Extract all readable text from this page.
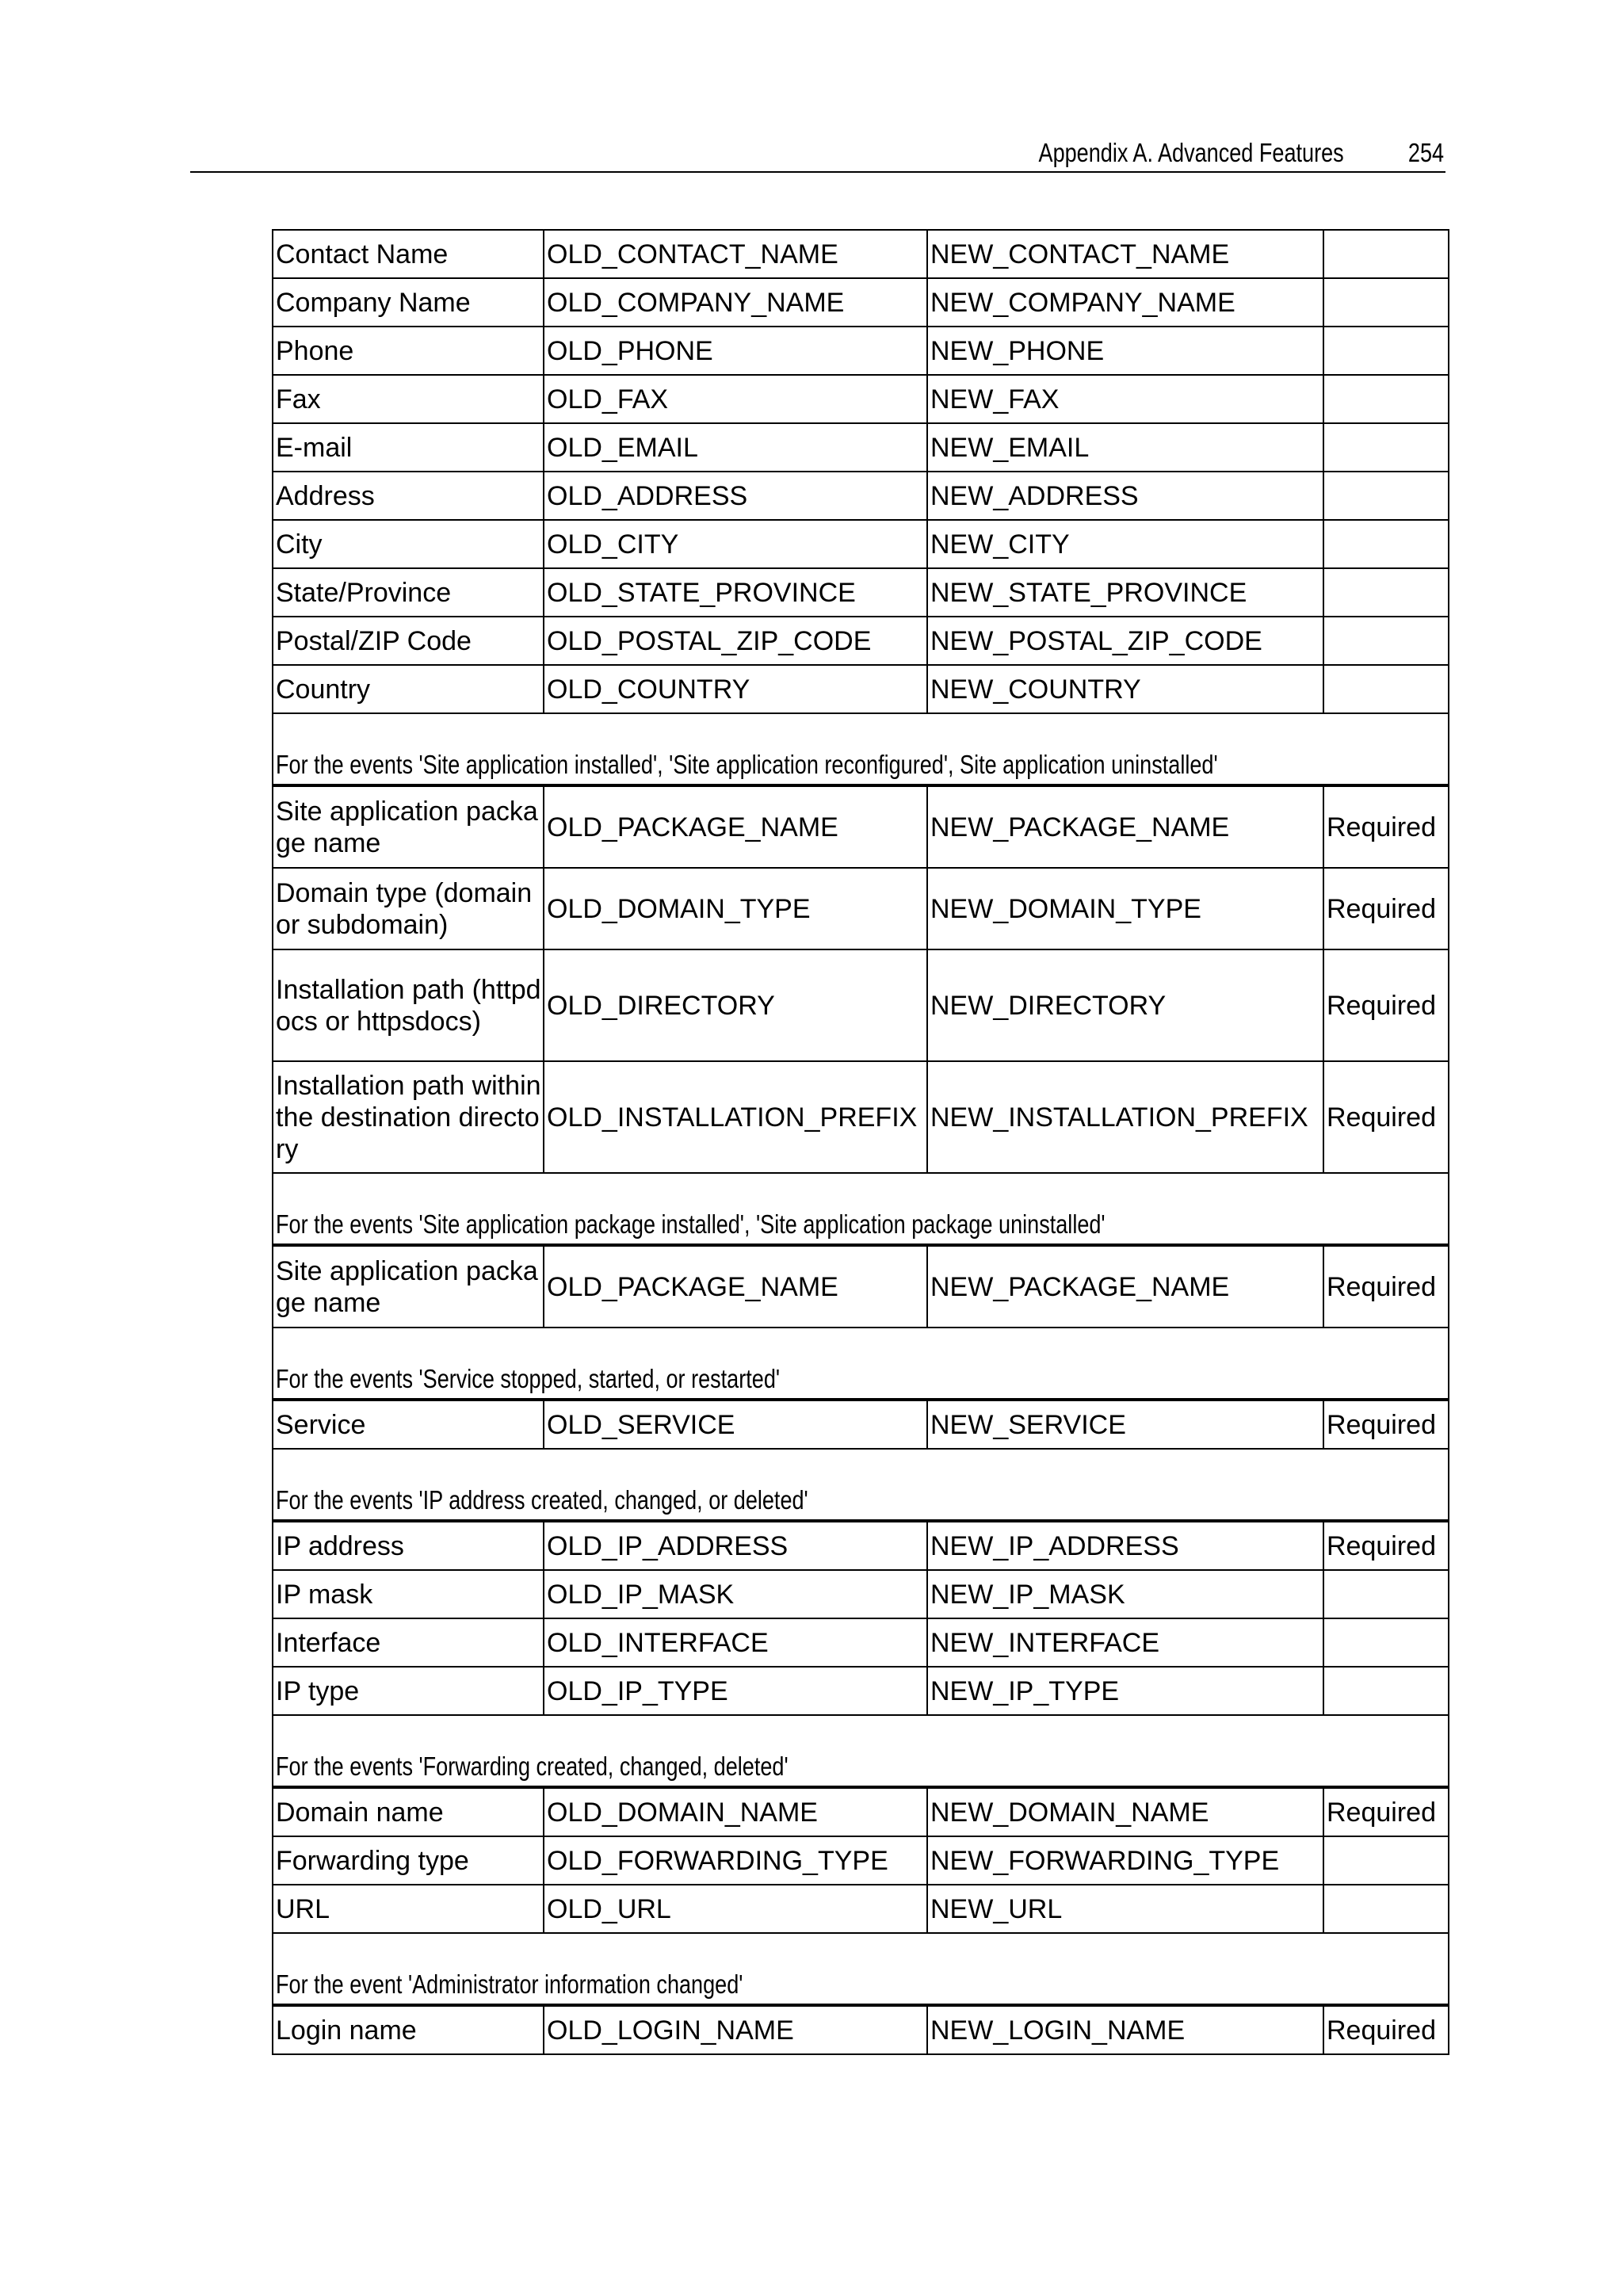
Appendix A. Advanced Features 254
Contact Name	OLD_CONTACT_NAME	NEW_CONTACT_NAME	
Company Name	OLD_COMPANY_NAME	NEW_COMPANY_NAME	
Phone	OLD_PHONE	NEW_PHONE	
Fax	OLD_FAX	NEW_FAX	
E-mail	OLD_EMAIL	NEW_EMAIL	
Address	OLD_ADDRESS	NEW_ADDRESS	
City	OLD_CITY	NEW_CITY	
State/Province	OLD_STATE_PROVINCE	NEW_STATE_PROVINCE	
Postal/ZIP Code	OLD_POSTAL_ZIP_CODE	NEW_POSTAL_ZIP_CODE	
Country	OLD_COUNTRY	NEW_COUNTRY	
For the events 'Site application installed', 'Site application reconfigured', Site application uninstalled'			
Site application package name	OLD_PACKAGE_NAME	NEW_PACKAGE_NAME	Required
Domain type (domain or subdomain)	OLD_DOMAIN_TYPE	NEW_DOMAIN_TYPE	Required
Installation path (httpdocs or httpsdocs)	OLD_DIRECTORY	NEW_DIRECTORY	Required
Installation path within the destination directory	OLD_INSTALLATION_PREFIX	NEW_INSTALLATION_PREFIX	Required
For the events 'Site application package installed', 'Site application package uninstalled'			
Site application package name	OLD_PACKAGE_NAME	NEW_PACKAGE_NAME	Required
For the events 'Service stopped, started, or restarted'			
Service	OLD_SERVICE	NEW_SERVICE	Required
For the events 'IP address created, changed, or deleted'			
IP address	OLD_IP_ADDRESS	NEW_IP_ADDRESS	Required
IP mask	OLD_IP_MASK	NEW_IP_MASK	
Interface	OLD_INTERFACE	NEW_INTERFACE	
IP type	OLD_IP_TYPE	NEW_IP_TYPE	
For the events 'Forwarding created, changed, deleted'			
Domain name	OLD_DOMAIN_NAME	NEW_DOMAIN_NAME	Required
Forwarding type	OLD_FORWARDING_TYPE	NEW_FORWARDING_TYPE	
URL	OLD_URL	NEW_URL	
For the event 'Administrator information changed'			
Login name	OLD_LOGIN_NAME	NEW_LOGIN_NAME	Required
